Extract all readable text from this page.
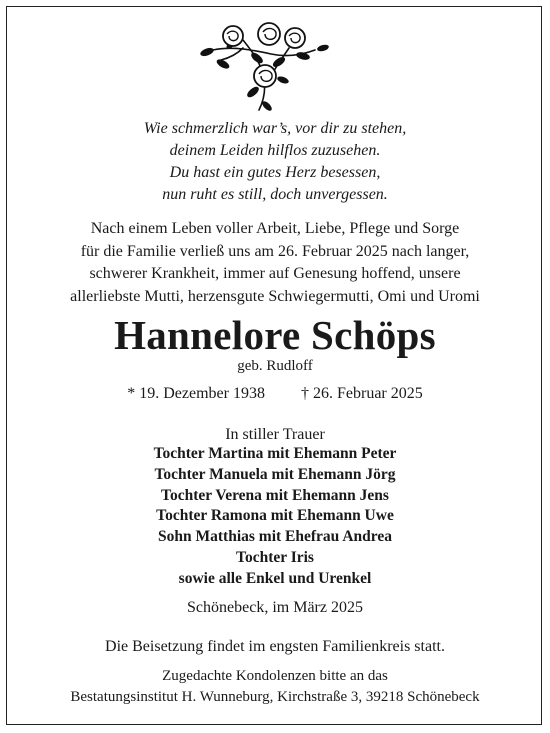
Wie schmerzlich war’s, vor dir zu stehen,
deinem Leiden hilflos zuzusehen.
Du hast ein gutes Herz besessen,
nun ruht es still, doch unvergessen.
Nach einem Leben voller Arbeit, Liebe, Pflege und Sorge
für die Familie verließ uns am 26. Februar 2025 nach langer,
schwerer Krankheit, immer auf Genesung hoffend, unsere
allerliebste Mutti, herzensgute Schwiegermutti, Omi und Uromi
Hannelore Schöps
geb. Rudloff
* 19. Dezember 1938 † 26. Februar 2025
In stiller Trauer
Tochter Martina mit Ehemann Peter
Tochter Manuela mit Ehemann Jörg
Tochter Verena mit Ehemann Jens
Tochter Ramona mit Ehemann Uwe
Sohn Matthias mit Ehefrau Andrea
Tochter Iris
sowie alle Enkel und Urenkel
Schönebeck, im März 2025
Die Beisetzung findet im engsten Familienkreis statt.
Zugedachte Kondolenzen bitte an das
Bestatungsinstitut H. Wunneburg, Kirchstraße 3, 39218 Schönebeck
